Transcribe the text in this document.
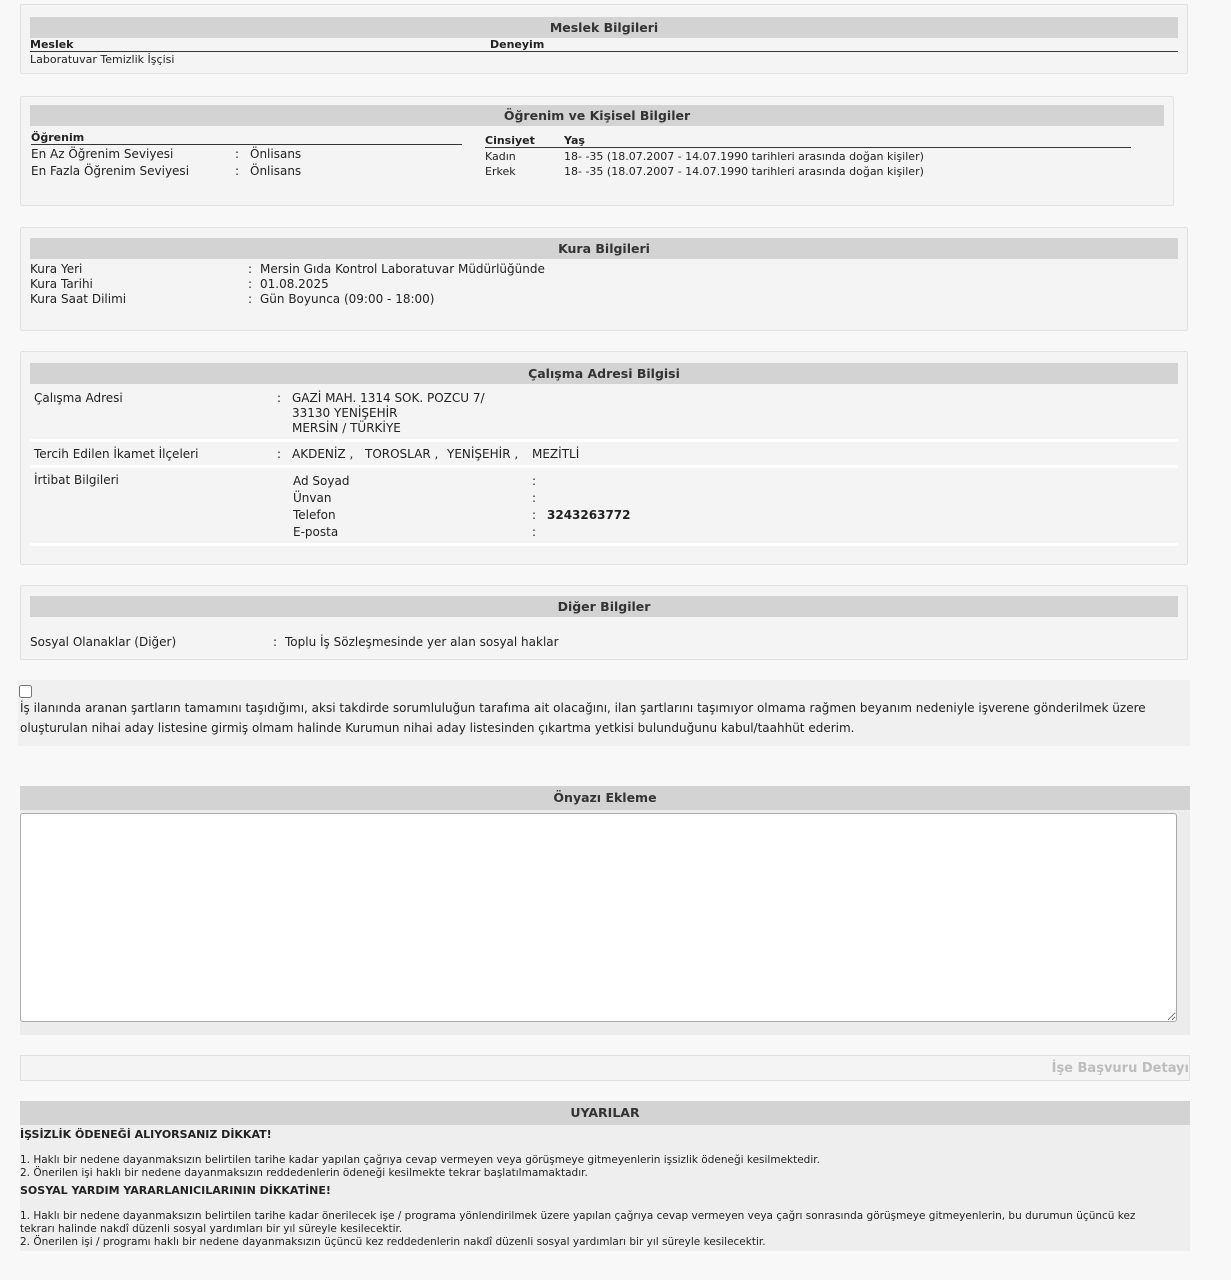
Meslek Bilgileri
Meslek	Deneyim
Laboratuvar Temizlik İşçisi
Öğrenim ve Kişisel Bilgiler
Öğrenim
En Az Öğrenim Seviyesi	: Önlisans
En Fazla Öğrenim Seviyesi	: Önlisans
Cinsiyet	Yaş
Kadın	18- -35 (18.07.2007 - 14.07.1990 tarihleri arasında doğan kişiler)
Erkek	18- -35 (18.07.2007 - 14.07.1990 tarihleri arasında doğan kişiler)
Kura Bilgileri
Kura Yeri	: Mersin Gıda Kontrol Laboratuvar Müdürlüğünde
Kura Tarihi	: 01.08.2025
Kura Saat Dilimi	: Gün Boyunca (09:00 - 18:00)
Çalışma Adresi Bilgisi
Çalışma Adresi	: GAZİ MAH. 1314 SOK. POZCU 7/
33130 YENİŞEHİR
MERSİN / TÜRKİYE
Tercih Edilen İkamet İlçeleri	: AKDENİZ , TOROSLAR , YENİŞEHİR , MEZİTLİ
İrtibat Bilgileri	Ad Soyad	:
Ünvan	:
Telefon	: 3243263772
E-posta	:
Diğer Bilgiler
Sosyal Olanaklar (Diğer)	: Toplu İş Sözleşmesinde yer alan sosyal haklar
İş ilanında aranan şartların tamamını taşıdığımı, aksi takdirde sorumluluğun tarafıma ait olacağını, ilan şartlarını taşımıyor olmama rağmen beyanım nedeniyle işverene gönderilmek üzere
oluşturulan nihai aday listesine girmiş olmam halinde Kurumun nihai aday listesinden çıkartma yetkisi bulunduğunu kabul/taahhüt ederim.
Önyazı Ekleme
İşe Başvuru Detayı
UYARILAR
İŞSİZLİK ÖDENEĞİ ALIYORSANIZ DİKKAT!
1. Haklı bir nedene dayanmaksızın belirtilen tarihe kadar yapılan çağrıya cevap vermeyen veya görüşmeye gitmeyenlerin işsizlik ödeneği kesilmektedir.
2. Önerilen işi haklı bir nedene dayanmaksızın reddedenlerin ödeneği kesilmekte tekrar başlatılmamaktadır.
SOSYAL YARDIM YARARLANICILARININ DİKKATİNE!
1. Haklı bir nedene dayanmaksızın belirtilen tarihe kadar önerilecek işe / programa yönlendirilmek üzere yapılan çağrıya cevap vermeyen veya çağrı sonrasında görüşmeye gitmeyenlerin, bu durumun üçüncü kez
tekrarı halinde nakdî düzenli sosyal yardımları bir yıl süreyle kesilecektir.
2. Önerilen işi / programı haklı bir nedene dayanmaksızın üçüncü kez reddedenlerin nakdî düzenli sosyal yardımları bir yıl süreyle kesilecektir.
